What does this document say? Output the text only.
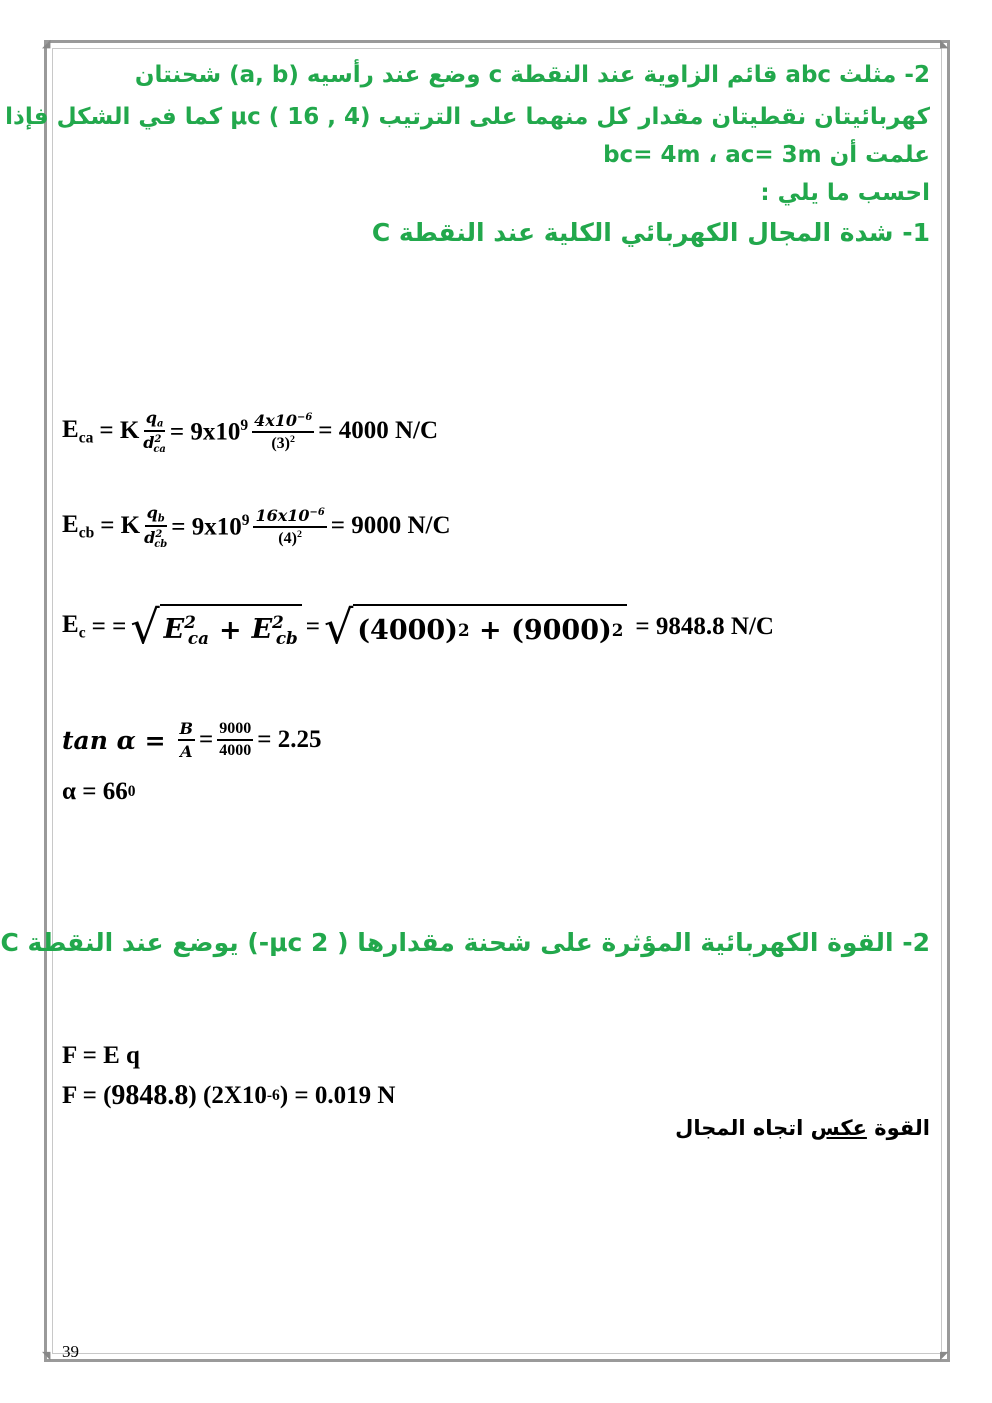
◢	◣
◥	◤
2- مثلث abc قائم الزاوية عند النقطة c وضع عند رأسيه (a, b) شحنتان
كهربائيتان نقطيتان مقدار كل منهما على الترتيب μc ( 16 , 4) كما في الشكل فإذا
علمت أن bc= 4m ، ac= 3m
احسب ما يلي :
1- شدة المجال الكهربائي الكلية عند النقطة C
$E_{ca} = K \frac{q_a}{d^2_{ca}} = 9x10^9 \frac{4x10^{-6}}{(3)^2} = 4000$ N/C
$E_{cb} = K \frac{q_b}{d^2_{cb}} = 9x10^9 \frac{16x10^{-6}}{(4)^2} = 9000$ N/C
$E_c$ = = √ $E^2_{ca} + E^2_{cb}$ = √ (4000) 2 + (9000) 2 = 9848.8 N/C
$\tan \alpha = \frac{B}{A} = \frac{9000}{4000} = 2.25$
α = 66 0
2- القوة الكهربائية المؤثرة على شحنة مقدارها ( μc 2-) يوضع عند النقطة C
F = E q
F = ( 9848.8 ) (2X10 -6 ) = 0.019 N
القوة عكس اتجاه المجال
39
